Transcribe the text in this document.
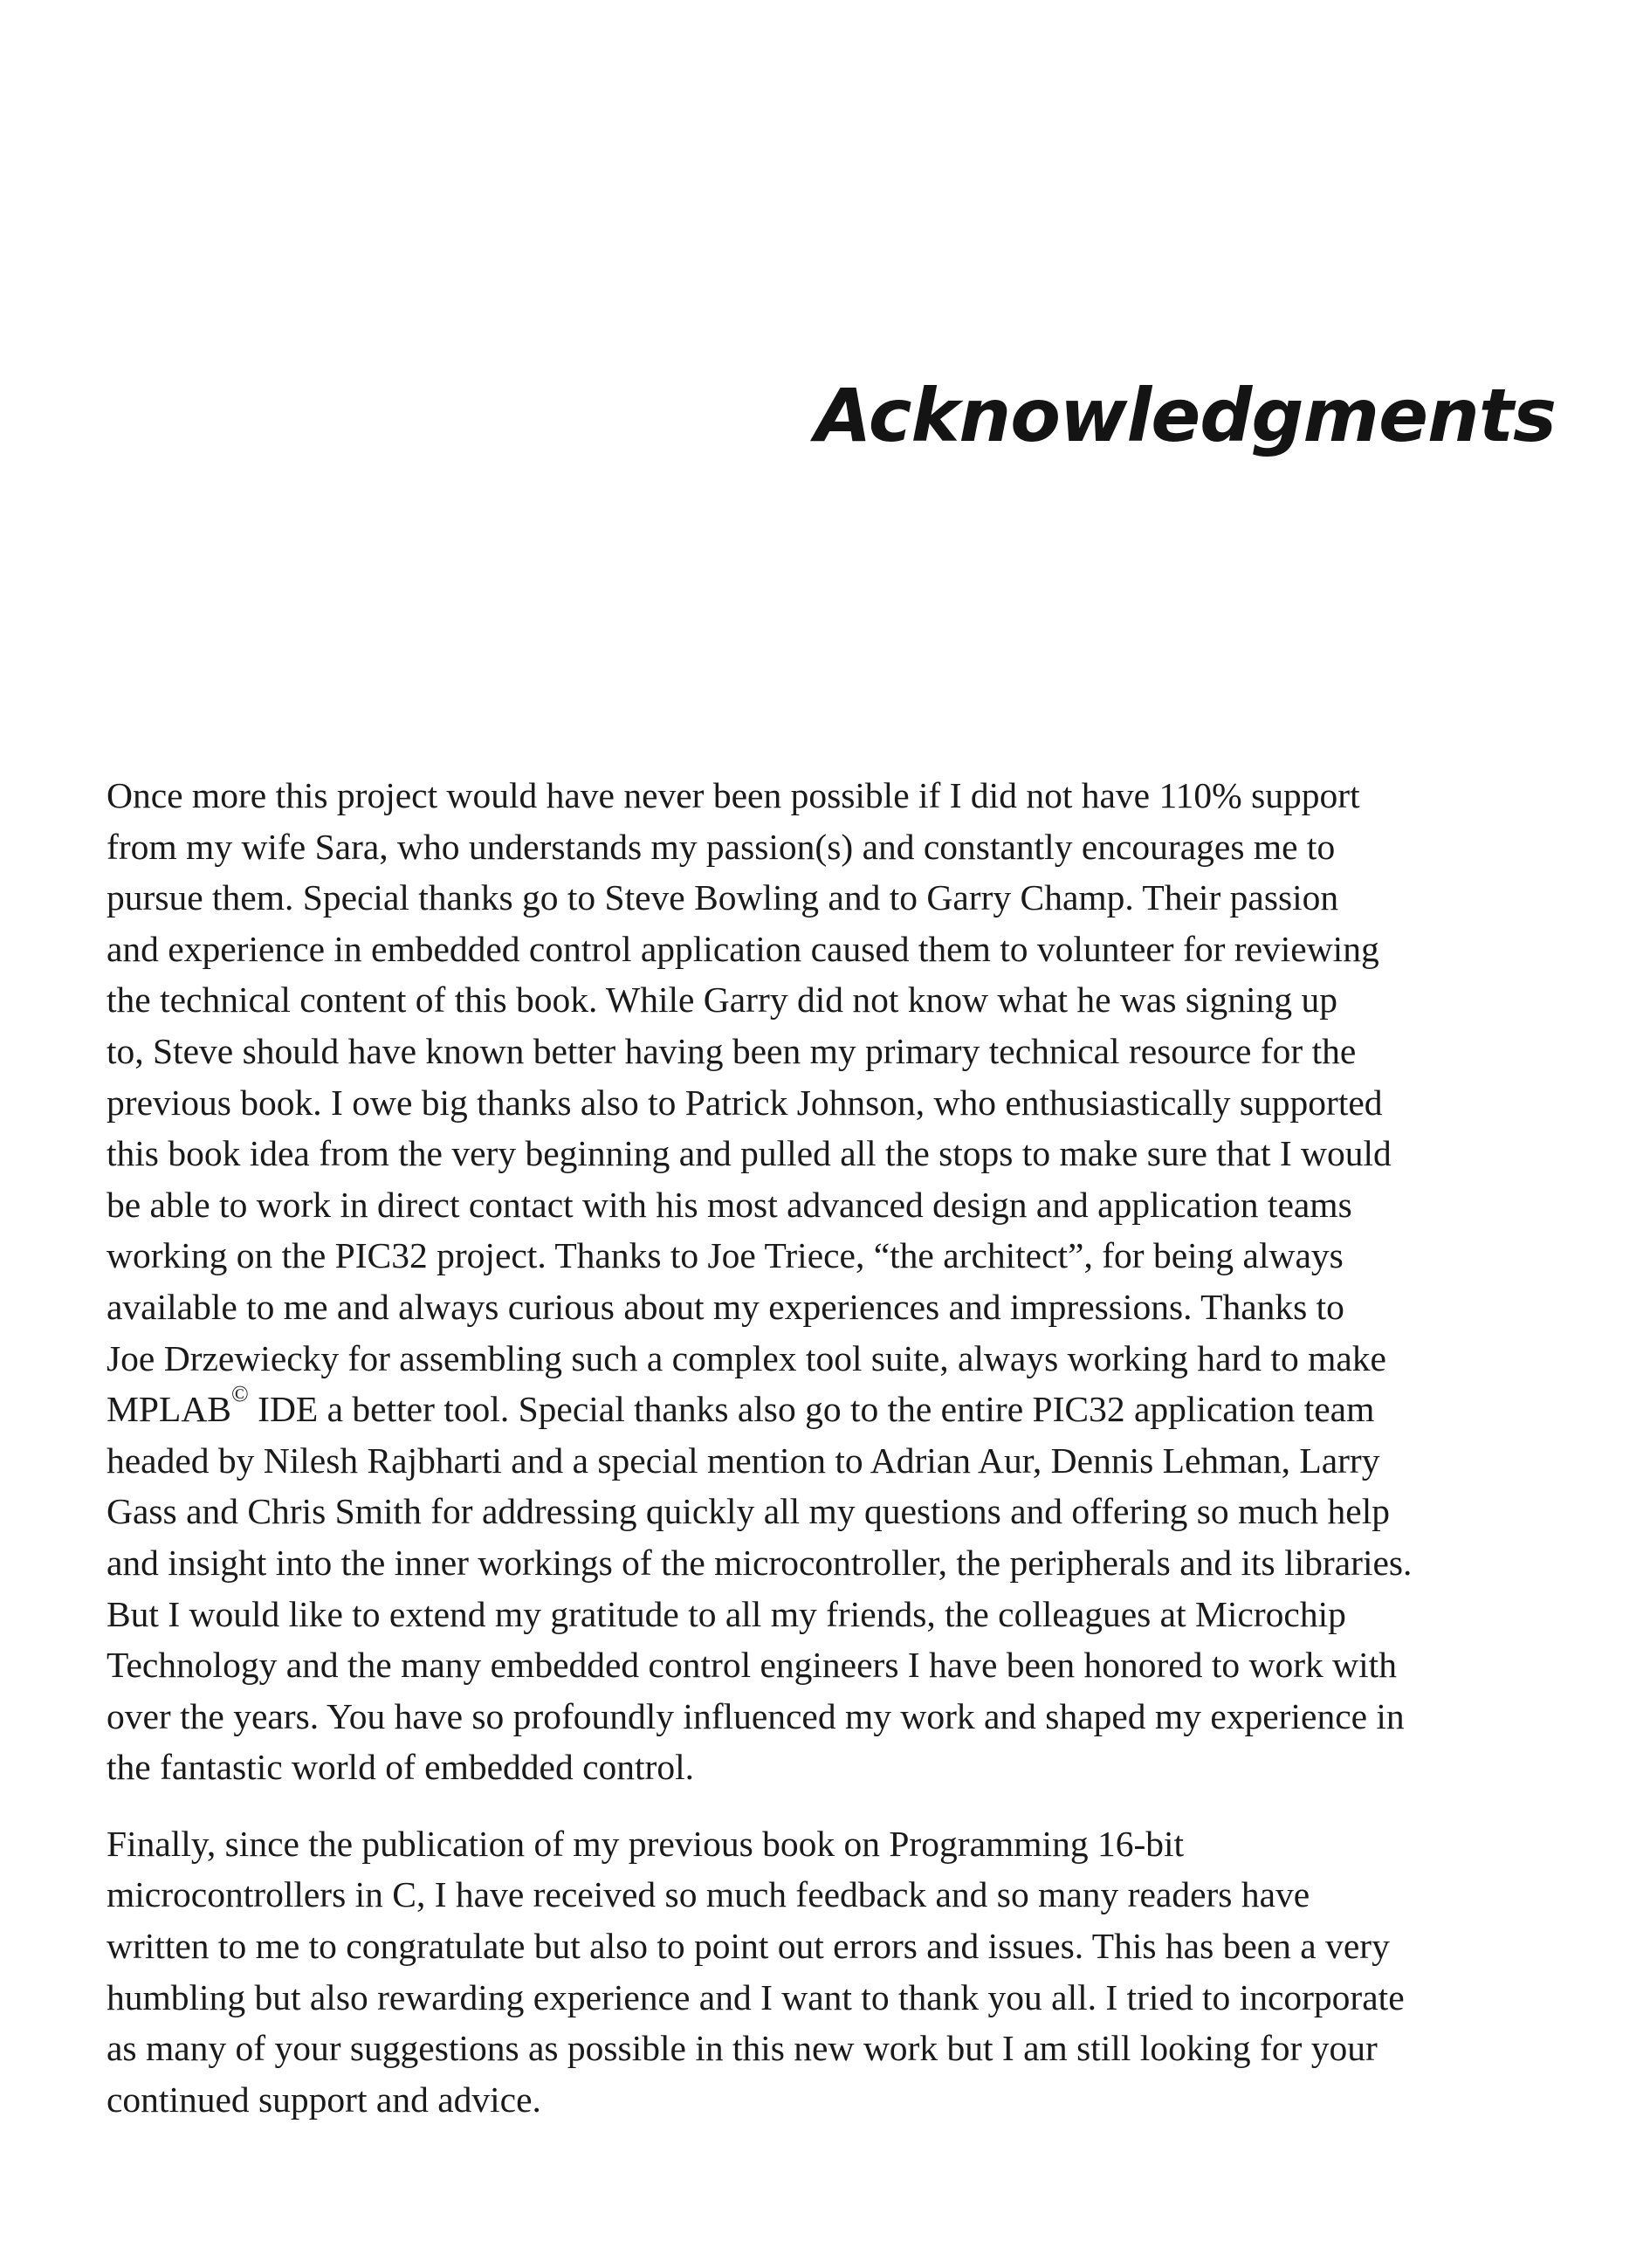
Acknowledgments

Once more this project would have never been possible if I did not have 110% support
from my wife Sara, who understands my passion(s) and constantly encourages me to
pursue them. Special thanks go to Steve Bowling and to Garry Champ. Their passion
and experience in embedded control application caused them to volunteer for reviewing
the technical content of this book. While Garry did not know what he was signing up
to, Steve should have known better having been my primary technical resource for the
previous book. I owe big thanks also to Patrick Johnson, who enthusiastically supported
this book idea from the very beginning and pulled all the stops to make sure that I would
be able to work in direct contact with his most advanced design and application teams
working on the PIC32 project. Thanks to Joe Triece, “the architect”, for being always
available to me and always curious about my experiences and impressions. Thanks to
Joe Drzewiecky for assembling such a complex tool suite, always working hard to make
MPLAB© IDE a better tool. Special thanks also go to the entire PIC32 application team
headed by Nilesh Rajbharti and a special mention to Adrian Aur, Dennis Lehman, Larry
Gass and Chris Smith for addressing quickly all my questions and offering so much help
and insight into the inner workings of the microcontroller, the peripherals and its libraries.
But I would like to extend my gratitude to all my friends, the colleagues at Microchip
Technology and the many embedded control engineers I have been honored to work with
over the years. You have so profoundly influenced my work and shaped my experience in
the fantastic world of embedded control.

Finally, since the publication of my previous book on Programming 16-bit
microcontrollers in C, I have received so much feedback and so many readers have
written to me to congratulate but also to point out errors and issues. This has been a very
humbling but also rewarding experience and I want to thank you all. I tried to incorporate
as many of your suggestions as possible in this new work but I am still looking for your
continued support and advice.
